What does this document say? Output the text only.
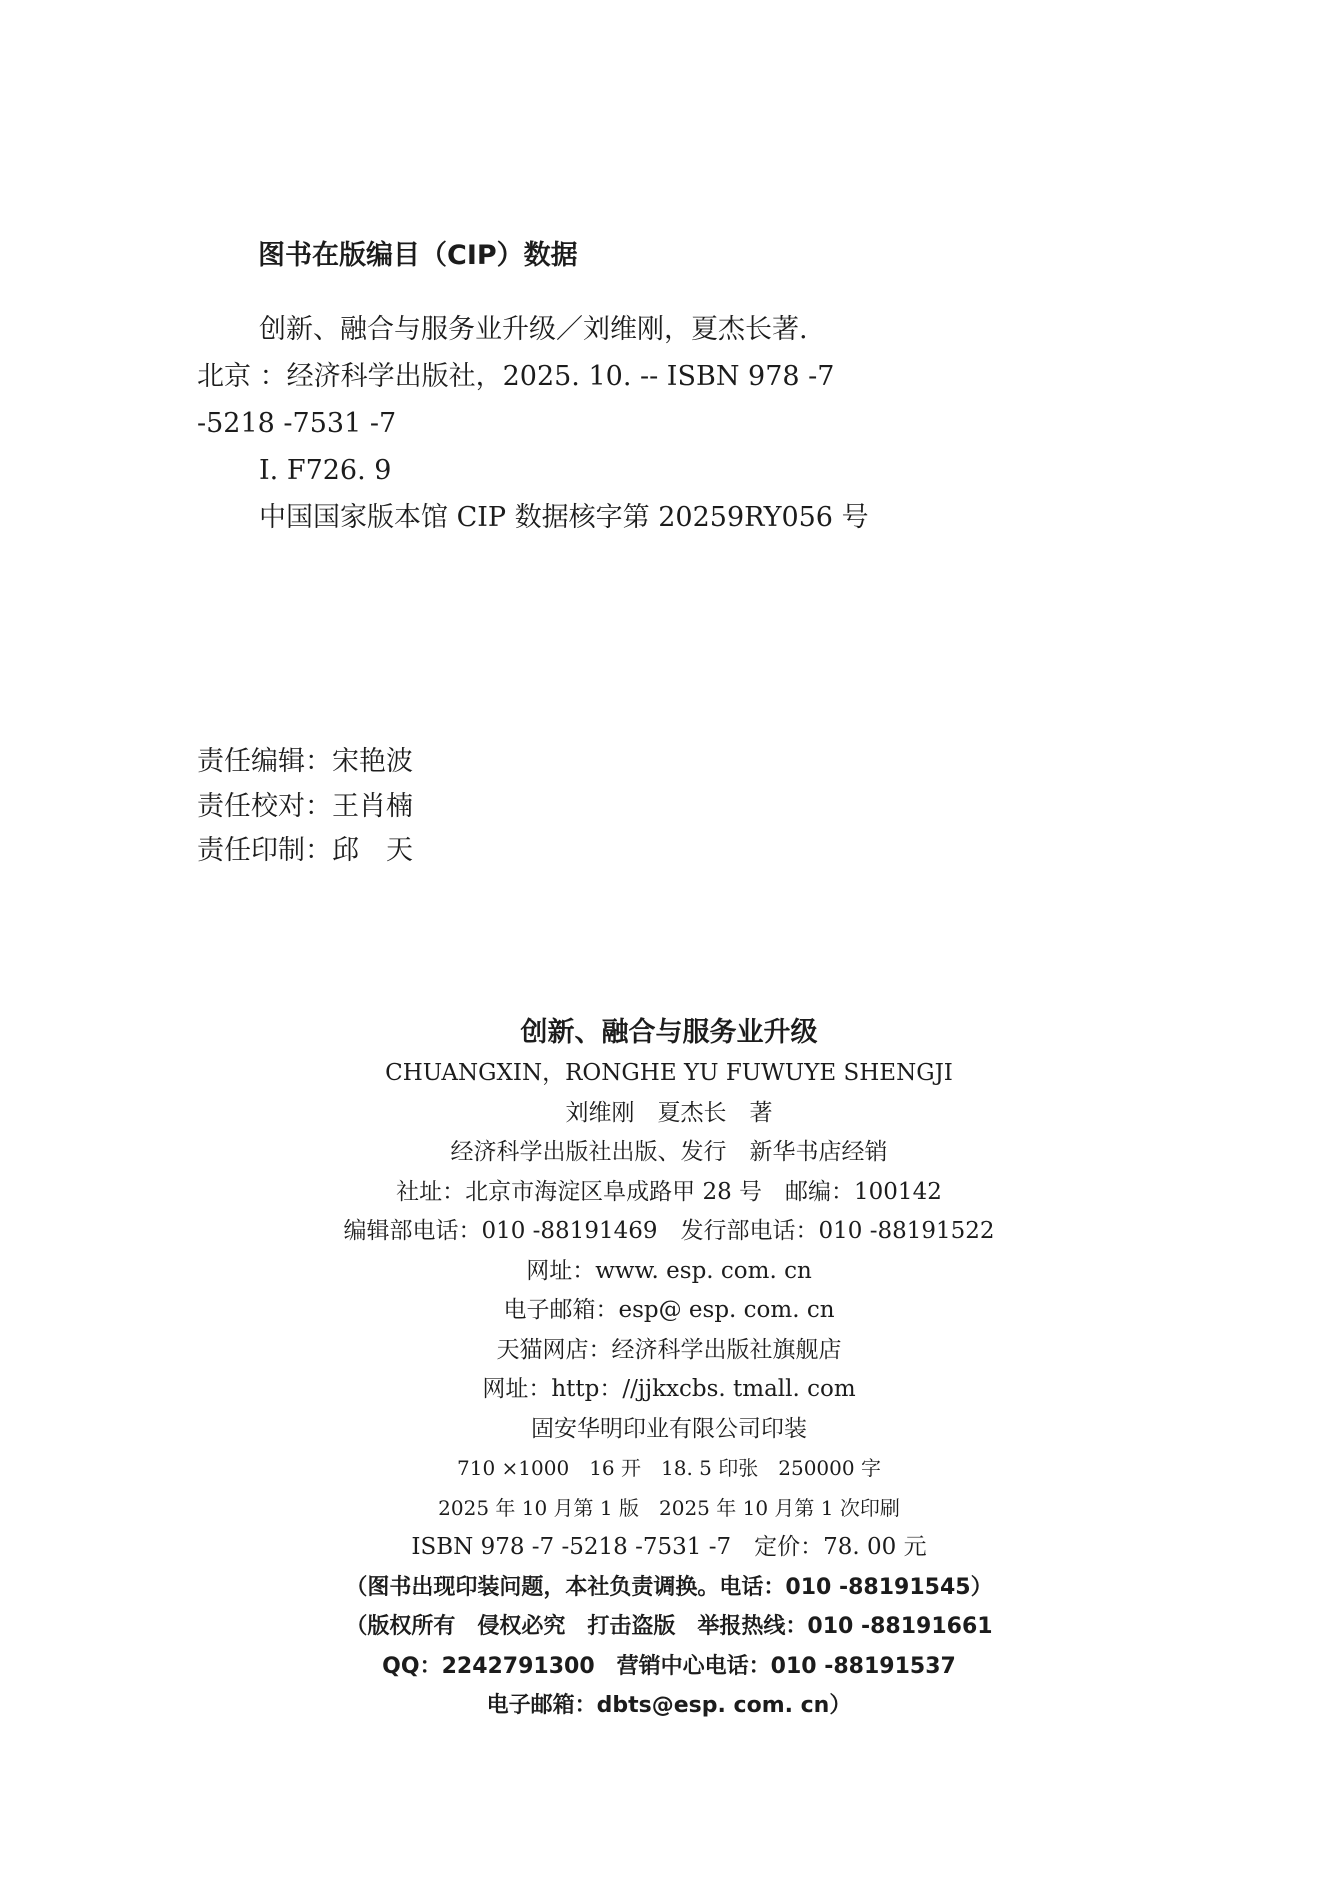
图书在版编目（CIP）数据
创新、融合与服务业升级／刘维刚，夏杰长著.
北京 ：经济科学出版社，2025. 10. -- ISBN 978 -7
-5218 -7531 -7
Ⅰ. F726. 9
中国国家版本馆 CIP 数据核字第 20259RY056 号
责任编辑：宋艳波
责任校对：王肖楠
责任印制：邱　天
创新、融合与服务业升级
CHUANGXIN，RONGHE YU FUWUYE SHENGJI
刘维刚　夏杰长　著
经济科学出版社出版、发行　新华书店经销
社址：北京市海淀区阜成路甲 28 号　邮编：100142
编辑部电话：010 -88191469　发行部电话：010 -88191522
网址：www. esp. com. cn
电子邮箱：esp@ esp. com. cn
天猫网店：经济科学出版社旗舰店
网址：http：//jjkxcbs. tmall. com
固安华明印业有限公司印装
710 ×1000　16 开　18. 5 印张　250000 字
2025 年 10 月第 1 版　2025 年 10 月第 1 次印刷
ISBN 978 -7 -5218 -7531 -7　定价：78. 00 元
（图书出现印装问题，本社负责调换。电话：010 -88191545）
（版权所有　侵权必究　打击盗版　举报热线：010 -88191661
QQ：2242791300　营销中心电话：010 -88191537
电子邮箱：dbts@esp. com. cn）
